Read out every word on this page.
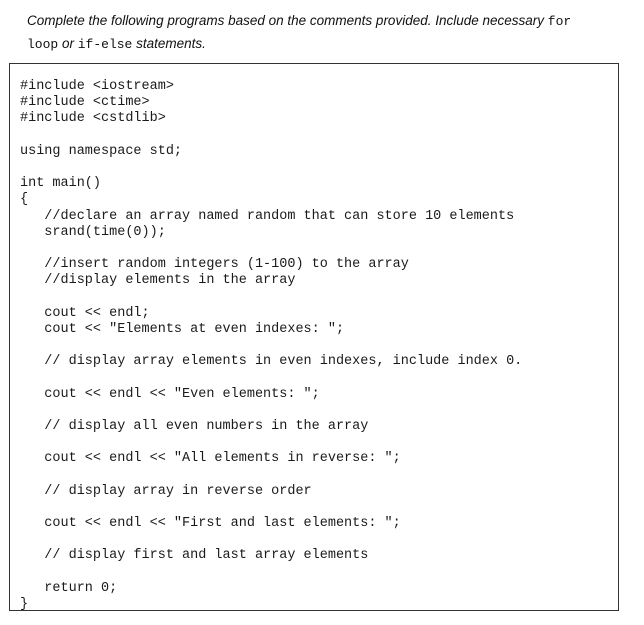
Complete the following programs based on the comments provided. Include necessary for
loop or if-else statements.
#include <iostream>
#include <ctime>
#include <cstdlib>
using namespace std;
int main()
{
//declare an array named random that can store 10 elements
srand(time(0));
//insert random integers (1-100) to the array
//display elements in the array
cout << endl;
cout << "Elements at even indexes: ";
// display array elements in even indexes, include index 0.
cout << endl << "Even elements: ";
// display all even numbers in the array
cout << endl << "All elements in reverse: ";
// display array in reverse order
cout << endl << "First and last elements: ";
// display first and last array elements
return 0;
}
